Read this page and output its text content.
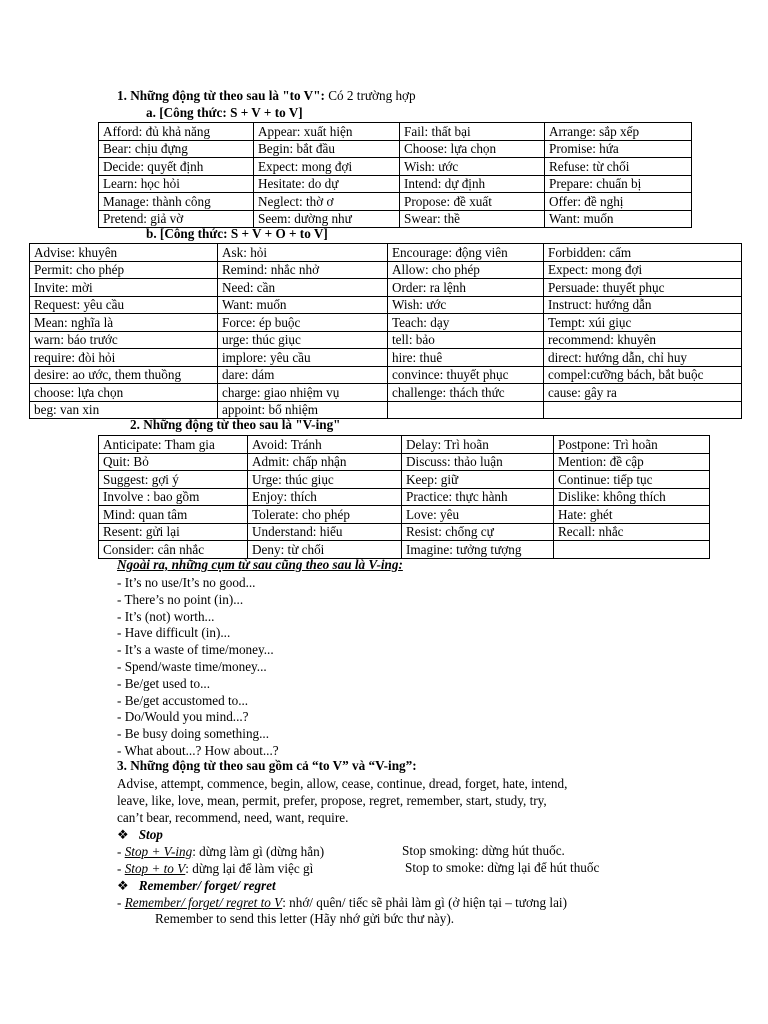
1. Những động từ theo sau là "to V": Có 2 trường hợp
a. [Công thức: S + V + to V]
Afford: đủ khả năng	Appear: xuất hiện	Fail: thất bại	Arrange: sắp xếp
Bear: chịu đựng	Begin: bắt đầu	Choose: lựa chọn	Promise: hứa
Decide: quyết định	Expect: mong đợi	Wish: ước	Refuse: từ chối
Learn: học hỏi	Hesitate: do dự	Intend: dự định	Prepare: chuẩn bị
Manage: thành công	Neglect: thờ ơ	Propose: đề xuất	Offer: đề nghị
Pretend: giả vờ	Seem: dường như	Swear: thề	Want: muốn
b. [Công thức: S + V + O + to V]
Advise: khuyên	Ask: hỏi	Encourage: động viên	Forbidden: cấm
Permit: cho phép	Remind: nhắc nhở	Allow: cho phép	Expect: mong đợi
Invite: mời	Need: cần	Order: ra lệnh	Persuade: thuyết phục
Request: yêu cầu	Want: muốn	Wish: ước	Instruct: hướng dẫn
Mean: nghĩa là	Force: ép buộc	Teach: dạy	Tempt: xúi giục
warn: báo trước	urge: thúc giục	tell: bảo	recommend: khuyên
require: đòi hỏi	implore: yêu cầu	hire: thuê	direct: hướng dẫn, chỉ huy
desire: ao ước, them thuồng	dare: dám	convince: thuyết phục	compel:cưỡng bách, bắt buộc
choose: lựa chọn	charge: giao nhiệm vụ	challenge: thách thức	cause: gây ra
beg: van xin	appoint: bổ nhiệm		
2. Những động từ theo sau là "V-ing"
Anticipate: Tham gia	Avoid: Tránh	Delay: Trì hoãn	Postpone: Trì hoãn
Quit: Bỏ	Admit: chấp nhận	Discuss: thảo luận	Mention: đề cập
Suggest: gợi ý	Urge: thúc giục	Keep: giữ	Continue: tiếp tục
Involve : bao gồm	Enjoy: thích	Practice: thực hành	Dislike: không thích
Mind: quan tâm	Tolerate: cho phép	Love: yêu	Hate: ghét
Resent: gửi lại	Understand: hiểu	Resist: chống cự	Recall: nhắc
Consider: cân nhắc	Deny: từ chối	Imagine: tưởng tượng	
Ngoài ra, những cụm từ sau cũng theo sau là V-ing:
- It’s no use/It’s no good...
- There’s no point (in)...
- It’s (not) worth...
- Have difficult (in)...
- It’s a waste of time/money...
- Spend/waste time/money...
- Be/get used to...
- Be/get accustomed to...
- Do/Would you mind...?
- Be busy doing something...
- What about...? How about...?
3. Những động từ theo sau gồm cả “to V” và “V-ing”:
Advise, attempt, commence, begin, allow, cease, continue, dread, forget, hate, intend,
leave, like, love, mean, permit, prefer, propose, regret, remember, start, study, try,
can’t bear, recommend, need, want, require.
❖ Stop
- Stop + V-ing: dừng làm gì (dừng hẳn)	Stop smoking: dừng hút thuốc.
- Stop + to V: dừng lại để làm việc gì	Stop to smoke: dừng lại để hút thuốc
❖ Remember/ forget/ regret
- Remember/ forget/ regret to V: nhớ/ quên/ tiếc sẽ phải làm gì (ở hiện tại – tương lai)
Remember to send this letter (Hãy nhớ gửi bức thư này).
